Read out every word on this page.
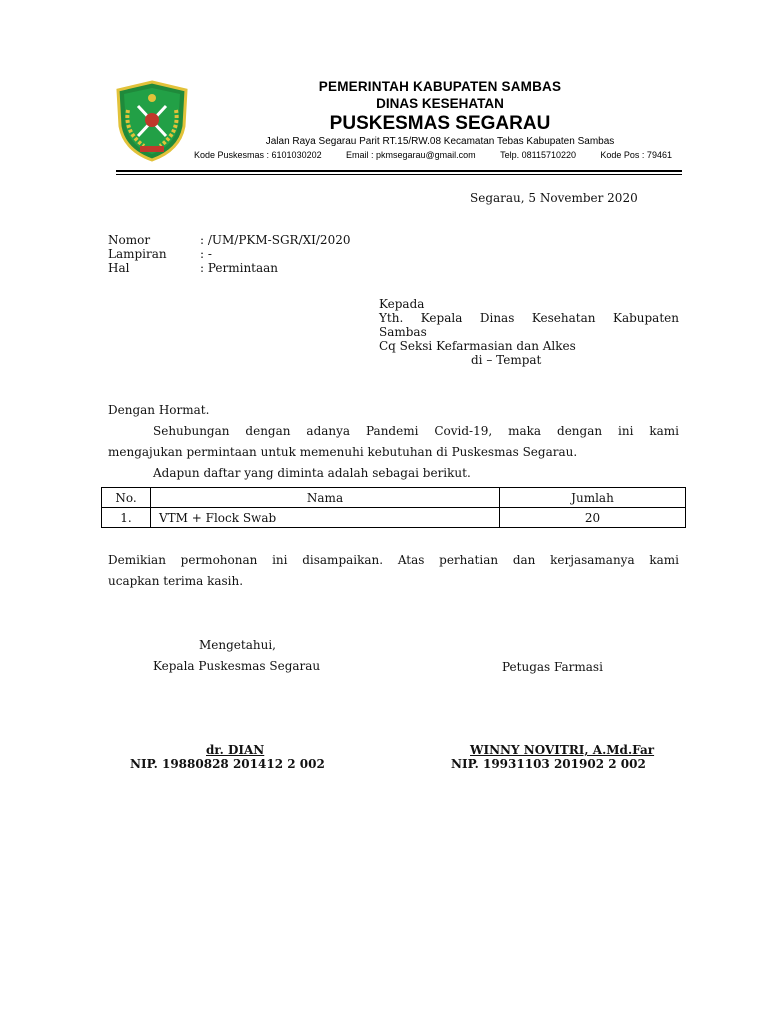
PEMERINTAH KABUPATEN SAMBAS
DINAS KESEHATAN
PUSKESMAS SEGARAU
Jalan Raya Segarau Parit RT.15/RW.08 Kecamatan Tebas Kabupaten Sambas
Kode Puskesmas : 6101030202	Email : pkmsegarau@gmail.com	Telp. 08115710220	Kode Pos : 79461
Segarau, 5 November 2020
Nomor	: /UM/PKM-SGR/XI/2020
Lampiran	: -
Hal	: Permintaan
Kepada
Yth. Kepala Dinas Kesehatan Kabupaten
Sambas
Cq Seksi Kefarmasian dan Alkes
di – Tempat
Dengan Hormat.
Sehubungan dengan adanya Pandemi Covid-19, maka dengan ini kami
mengajukan permintaan untuk memenuhi kebutuhan di Puskesmas Segarau.
Adapun daftar yang diminta adalah sebagai berikut.
No.	Nama	Jumlah
1.	VTM + Flock Swab	20
Demikian permohonan ini disampaikan. Atas perhatian dan kerjasamanya kami
ucapkan terima kasih.
Mengetahui,
Kepala Puskesmas Segarau	Petugas Farmasi
dr. DIAN
NIP. 19880828 201412 2 002
WINNY NOVITRI, A.Md.Far
NIP. 19931103 201902 2 002
